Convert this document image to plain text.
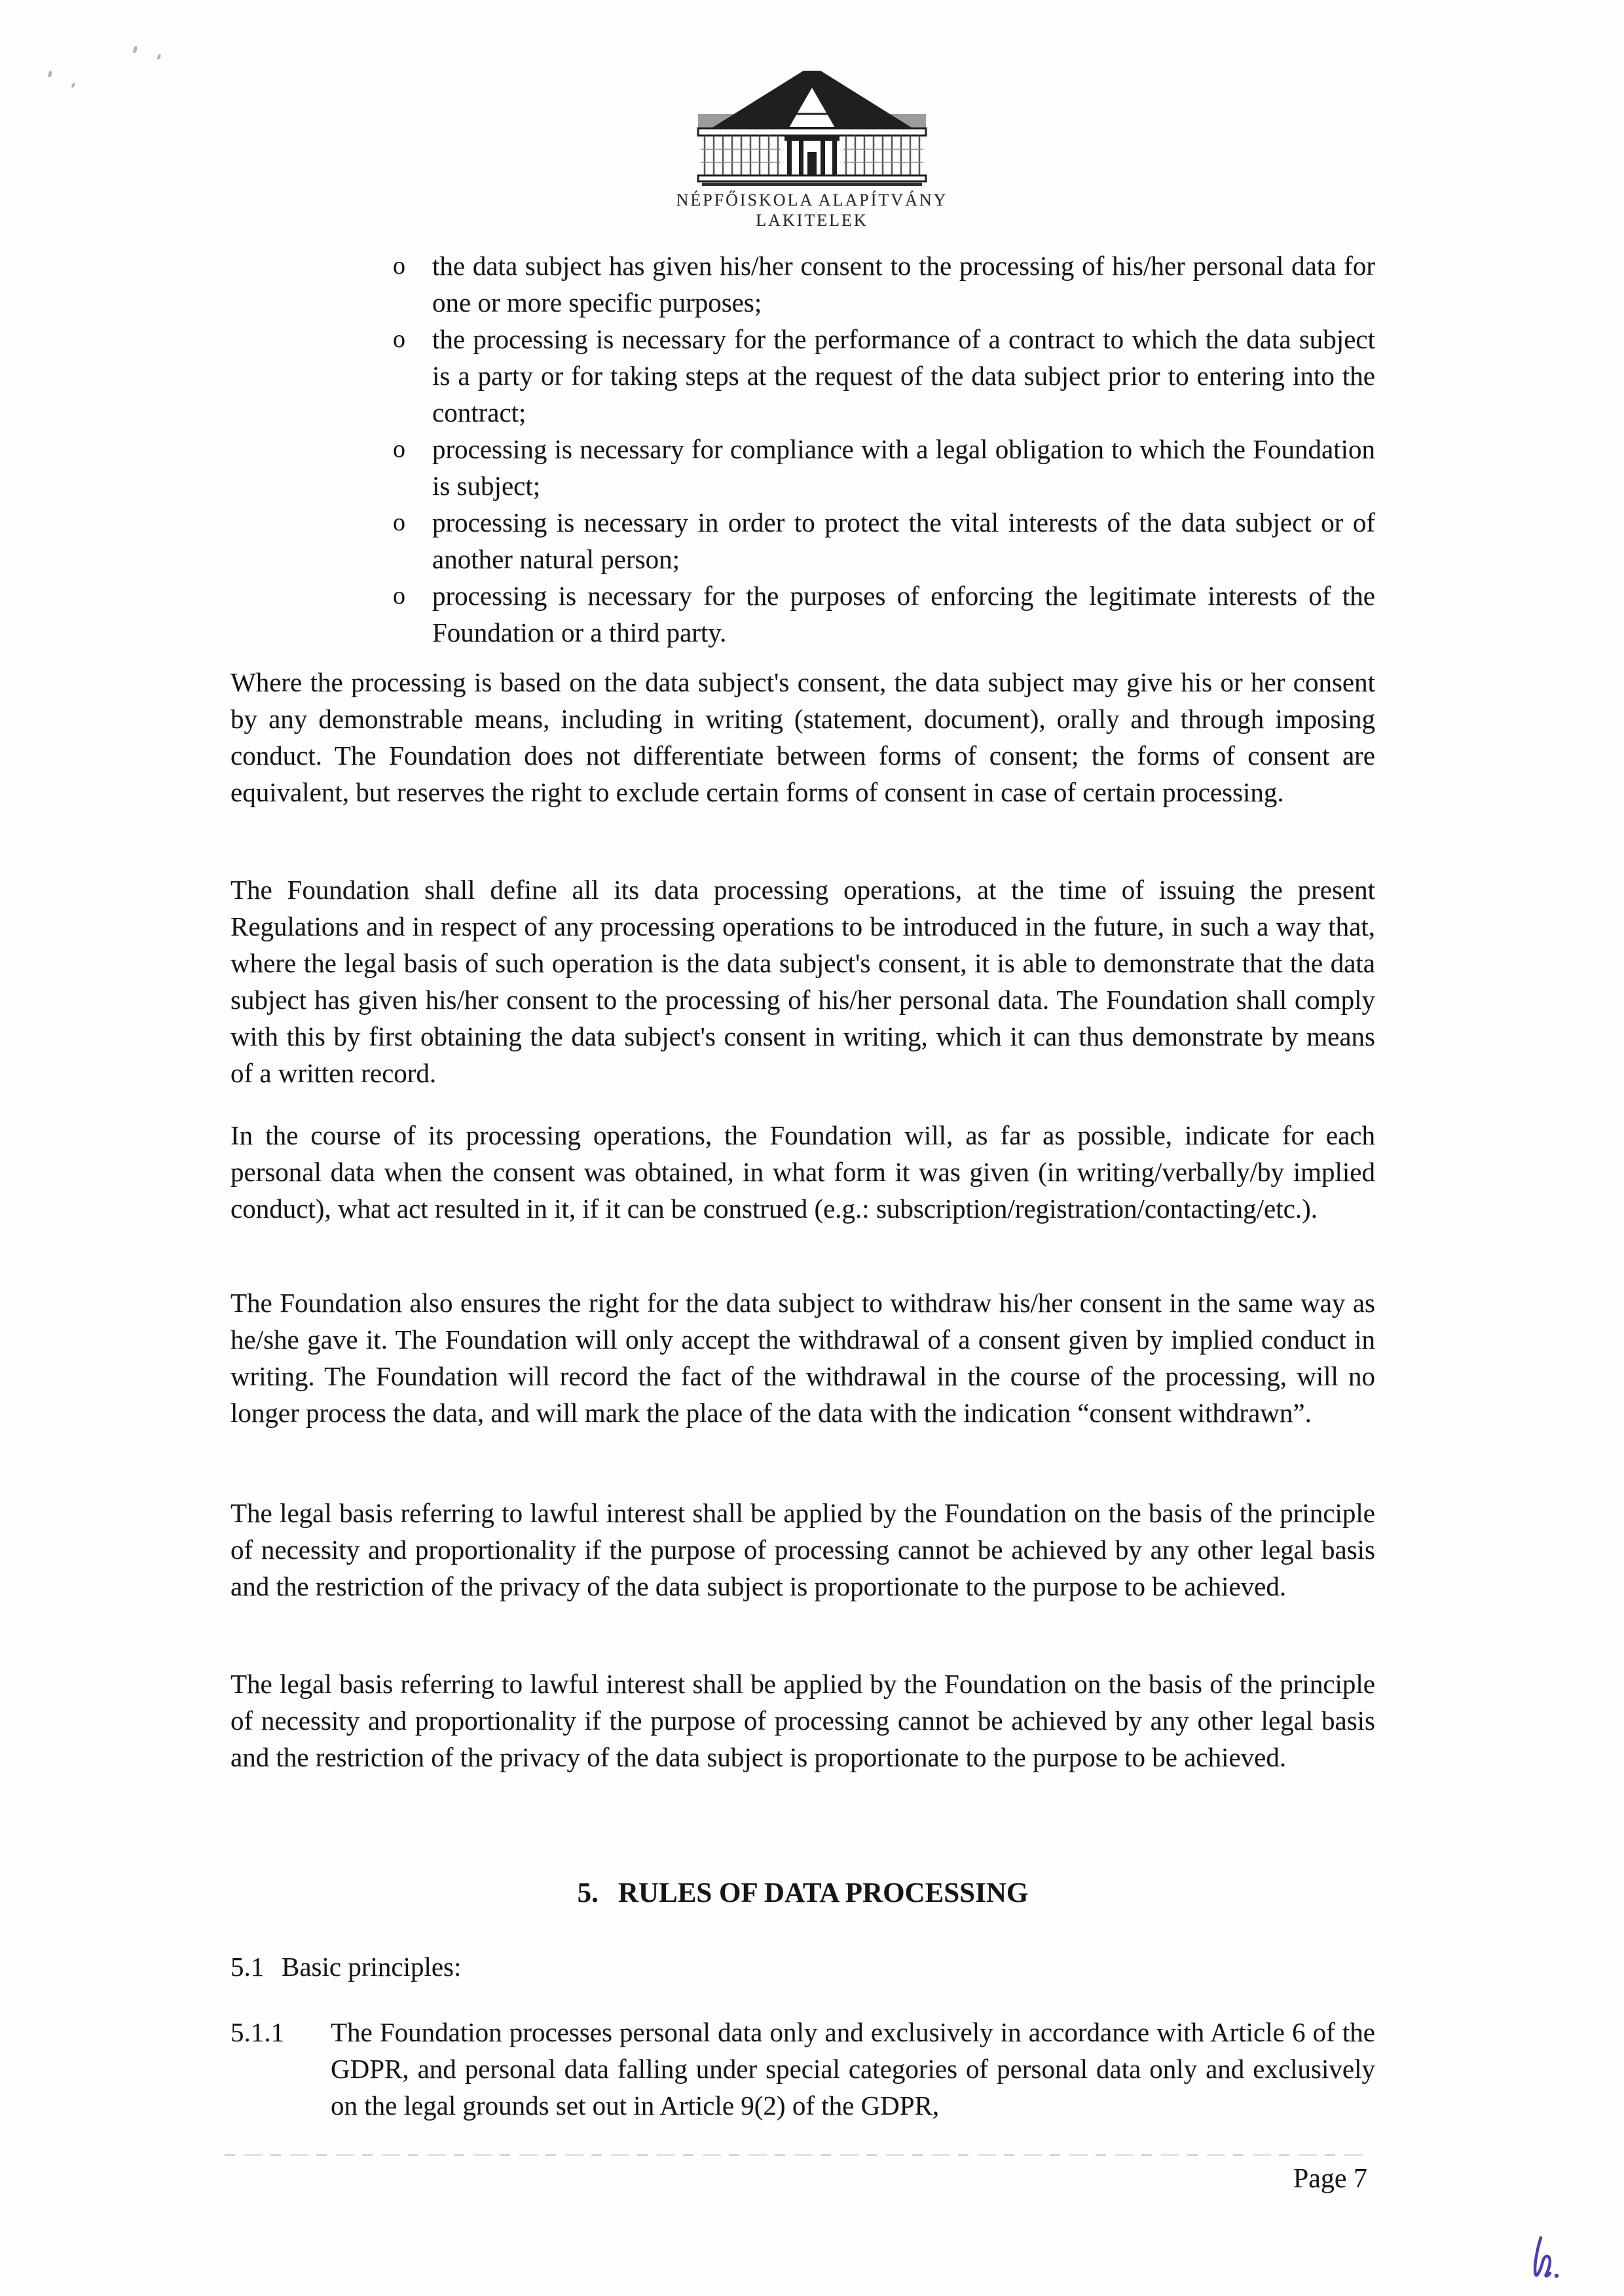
NÉPFŐISKOLA ALAPÍTVÁNY
LAKITELEK
o	the data subject has given his/her consent to the processing of his/her personal data for one or more specific purposes;
o	the processing is necessary for the performance of a contract to which the data subject is a party or for taking steps at the request of the data subject prior to entering into the contract;
o	processing is necessary for compliance with a legal obligation to which the Foundation is subject;
o	processing is necessary in order to protect the vital interests of the data subject or of another natural person;
o	processing is necessary for the purposes of enforcing the legitimate interests of the Foundation or a third party.
Where the processing is based on the data subject's consent, the data subject may give his or her consent by any demonstrable means, including in writing (statement, document), orally and through imposing conduct. The Foundation does not differentiate between forms of consent; the forms of consent are equivalent, but reserves the right to exclude certain forms of consent in case of certain processing.
The Foundation shall define all its data processing operations, at the time of issuing the present Regulations and in respect of any processing operations to be introduced in the future, in such a way that, where the legal basis of such operation is the data subject's consent, it is able to demonstrate that the data subject has given his/her consent to the processing of his/her personal data. The Foundation shall comply with this by first obtaining the data subject's consent in writing, which it can thus demonstrate by means of a written record.
In the course of its processing operations, the Foundation will, as far as possible, indicate for each personal data when the consent was obtained, in what form it was given (in writing/verbally/by implied conduct), what act resulted in it, if it can be construed (e.g.: subscription/registration/contacting/etc.).
The Foundation also ensures the right for the data subject to withdraw his/her consent in the same way as he/she gave it. The Foundation will only accept the withdrawal of a consent given by implied conduct in writing. The Foundation will record the fact of the withdrawal in the course of the processing, will no longer process the data, and will mark the place of the data with the indication “consent withdrawn”.
The legal basis referring to lawful interest shall be applied by the Foundation on the basis of the principle of necessity and proportionality if the purpose of processing cannot be achieved by any other legal basis and the restriction of the privacy of the data subject is proportionate to the purpose to be achieved.
The legal basis referring to lawful interest shall be applied by the Foundation on the basis of the principle of necessity and proportionality if the purpose of processing cannot be achieved by any other legal basis and the restriction of the privacy of the data subject is proportionate to the purpose to be achieved.
5. RULES OF DATA PROCESSING
5.1 Basic principles:
5.1.1	The Foundation processes personal data only and exclusively in accordance with Article 6 of the GDPR, and personal data falling under special categories of personal data only and exclusively on the legal grounds set out in Article 9(2) of the GDPR,
Page 7
